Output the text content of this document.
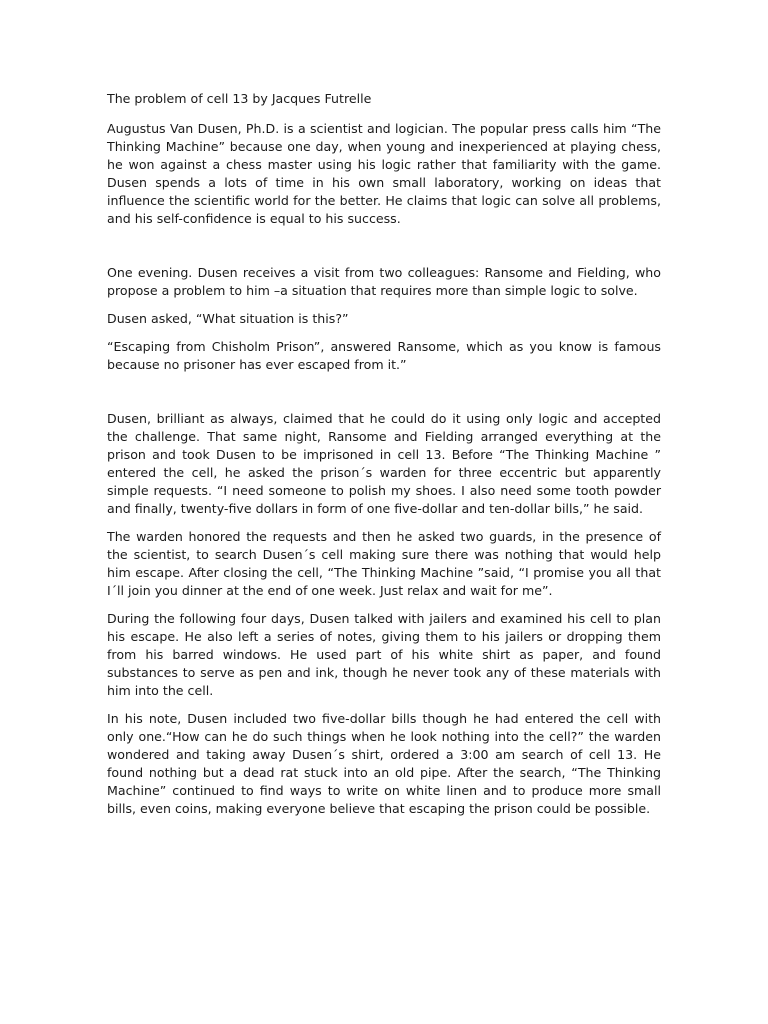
The problem of cell 13 by Jacques Futrelle

Augustus Van Dusen, Ph.D. is a scientist and logician. The popular press calls him “The Thinking Machine” because one day, when young and inexperienced at playing chess, he won against a chess master using his logic rather that familiarity with the game. Dusen spends a lots of time in his own small laboratory, working on ideas that influence the scientific world for the better. He claims that logic can solve all problems, and his self-confidence is equal to his success.

One evening. Dusen receives a visit from two colleagues: Ransome and Fielding, who propose a problem to him –a situation that requires more than simple logic to solve.

Dusen asked, “What situation is this?”

“Escaping from Chisholm Prison”, answered Ransome, which as you know is famous because no prisoner has ever escaped from it.”

Dusen, brilliant as always, claimed that he could do it using only logic and accepted the challenge. That same night, Ransome and Fielding arranged everything at the prison and took Dusen to be imprisoned in cell 13. Before “The Thinking Machine ” entered the cell, he asked the prison´s warden for three eccentric but apparently simple requests. “I need someone to polish my shoes. I also need some tooth powder and finally, twenty-five dollars in form of one five-dollar and ten-dollar bills,” he said.

The warden honored the requests and then he asked two guards, in the presence of the scientist, to search Dusen´s cell making sure there was nothing that would help him escape. After closing the cell, “The Thinking Machine ”said, “I promise you all that I´ll join you dinner at the end of one week. Just relax and wait for me”.

During the following four days, Dusen talked with jailers and examined his cell to plan his escape. He also left a series of notes, giving them to his jailers or dropping them from his barred windows. He used part of his white shirt as paper, and found substances to serve as pen and ink, though he never took any of these materials with him into the cell.

In his note, Dusen included two five-dollar bills though he had entered the cell with only one.“How can he do such things when he look nothing into the cell?” the warden wondered and taking away Dusen´s shirt, ordered a 3:00 am search of cell 13. He found nothing but a dead rat stuck into an old pipe. After the search, “The Thinking Machine” continued to find ways to write on white linen and to produce more small bills, even coins, making everyone believe that escaping the prison could be possible.
